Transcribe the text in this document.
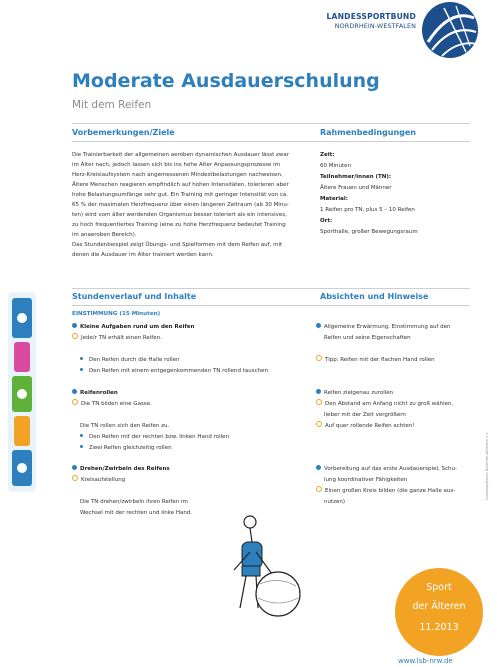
LANDESSPORTBUND
NORDRHEIN-WESTFALEN
Moderate Ausdauerschulung
Mit dem Reifen
Vorbemerkungen/Ziele	Rahmenbedingungen

Die Trainierbarkeit der allgemeinen aeroben dynamischen Ausdauer lässt zwar

im Alter nach, jedoch lassen sich bis ins hohe Alter Anpassungsprozesse im

Herz-Kreislaufsystem nach angemessenen Mindestbelastungen nachweisen.

Ältere Menschen reagieren empfindlich auf hohen Intensitäten, tolerieren aber

hohe Belastungsumfänge sehr gut. Ein Training mit geringer Intensität von ca.

65 % der maximalen Herzfrequenz über einen längeren Zeitraum (ab 30 Minu-

ten) wird vom älter werdenden Organismus besser toleriert als ein intensives,

zu hoch frequentiertes Training (eine zu hohe Herzfrequenz bedeutet Training

im anaeroben Bereich).

Das Stundenbeispiel zeigt Übungs- und Spielformen mit dem Reifen auf, mit

denen die Ausdauer im Alter trainiert werden kann.

Zeit:
60 Minuten
Teilnehmer/innen (TN):
Ältere Frauen und Männer
Material:
1 Reifen pro TN, plus 5 – 10 Reifen
Ort:
Sporthalle, großer Bewegungsraum
Stundenverlauf und Inhalte	Absichten und Hinweise
EINSTIMMUNG (15 Minuten)
Kleine Aufgaben rund um den Reifen
Jede/r TN erhält einen Reifen.
Den Reifen durch die Halle rollen
Den Reifen mit einem entgegenkommenden TN rollend tauschen
Reifenrollen
Die TN bilden eine Gasse.
Die TN rollen sich den Reifen zu.
Den Reifen mit der rechten bzw. linken Hand rollen
Zwei Reifen gleichzeitig rollen
Drehen/Zwirbeln des Reifens
Kreisaufstellung
Die TN drehen/zwirbeln ihren Reifen im
Wechsel mit der rechten und linke Hand.
Allgemeine Erwärmung, Einstimmung auf den
Reifen und seine Eigenschaften
Tipp: Reifen mit der flachen Hand rollen
Reifen zielgenau zurollen
Den Abstand am Anfang nicht zu groß wählen,
lieber mit der Zeit vergrößern
Auf quer rollende Reifen achten!
Vorbereitung auf das erste Ausdauerspiel, Schu-
lung koordinativer Fähigkeiten
Einen großen Kreis bilden (die ganze Halle aus-
nutzen)
Sport
der Älteren
11.2013
Landessportbund Nordrhein-Westfalen e.V.
www.lsb-nrw.de
